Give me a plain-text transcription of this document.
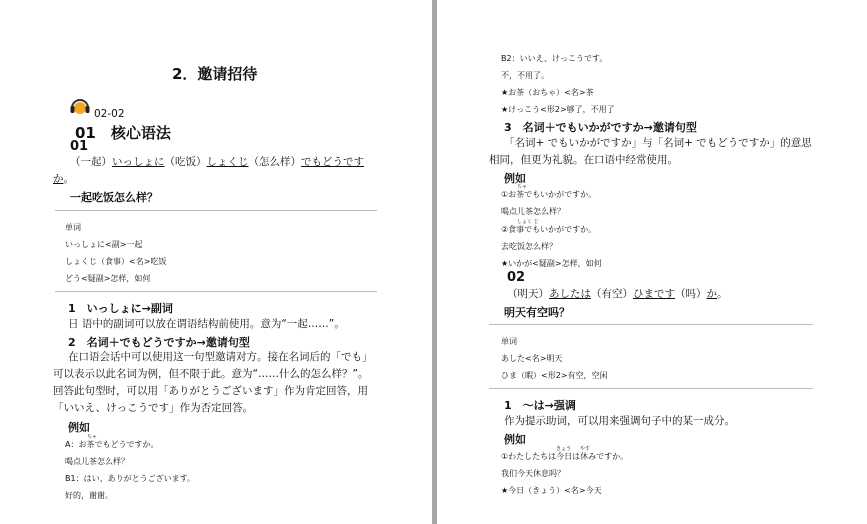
2．邀请招待
02-02
01　核心语法
01
（一起）いっしょに（吃饭）しょくじ（怎么样）でもどうです
か。
一起吃饭怎么样？
单词
いっしょに<副>一起
しょくじ（食事）<名>吃饭
どう<疑副>怎样，如何
1　いっしょに→副词
日 语中的副词可以放在谓语结构前使用。意为“一起……”。
2　名词＋でもどうですか→邀请句型
在口语会话中可以使用这一句型邀请对方。接在名词后的「でも」
可以表示以此名词为例，但不限于此。意为“……什么的怎么样？”。
回答此句型时，可以用「ありがとうございます」作为肯定回答，用
「いいえ、けっこうです」作为否定回答。
例如
ちゃ
A：お茶でもどうですか。
喝点儿茶怎么样？
B1：はい、ありがとうございます。
好的，谢谢。
B2：いいえ、けっこうです。
不，不用了。
★お茶（おちゃ）<名>茶
★けっこう<形2>够了，不用了
3　名词＋でもいかがですか→邀请句型
「名词+ でもいかがですか」与「名词+ でもどうですか」的意思
相同，但更为礼貌。在口语中经常使用。
例如
ちゃ
①お茶でもいかがですか。
喝点儿茶怎么样？
しょく じ
②食事でもいかがですか。
去吃饭怎么样？
★いかが<疑副>怎样，如何
02
（明天）あしたは（有空）ひまです（吗）か。
明天有空吗？
单词
あした<名>明天
ひま（暇）<形2>有空，空闲
1　～は→强调
作为提示助词，可以用来强调句子中的某一成分。
例如
きょう やす
①わたしたちは今日は休みですか。
我们今天休息吗？
★今日（きょう）<名>今天
